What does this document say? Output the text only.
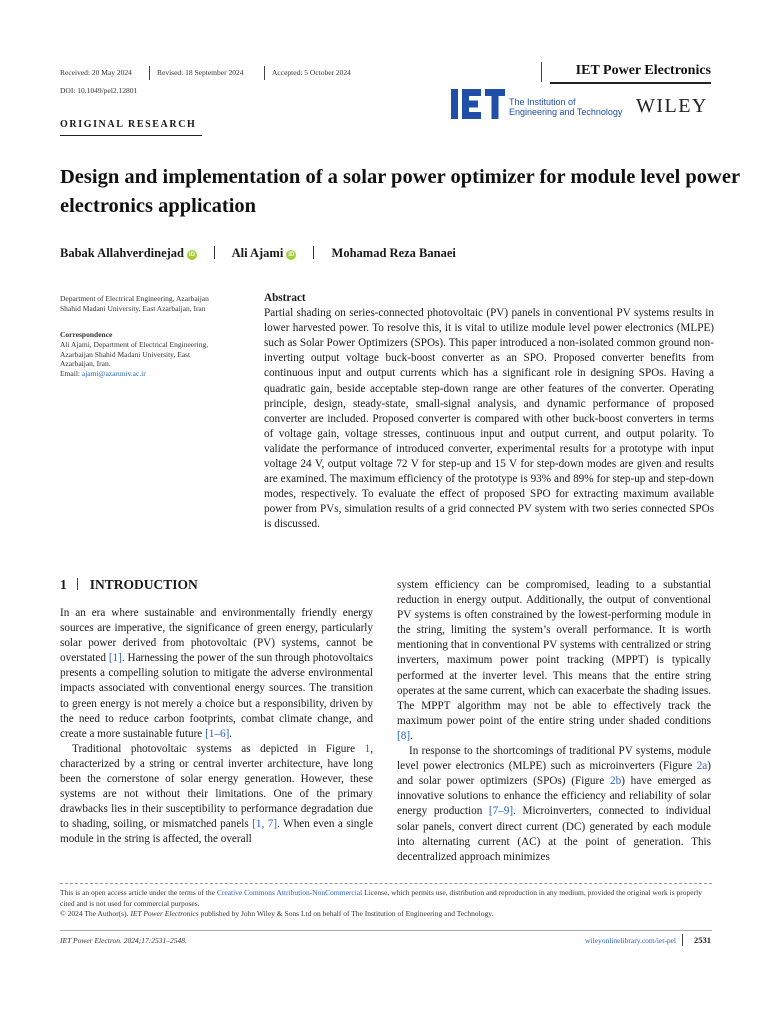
Received: 20 May 2024	Revised: 18 September 2024	Accepted: 5 October 2024	IET Power Electronics
DOI: 10.1049/pel2.12801
The Institution of
Engineering and Technology WILEY
ORIGINAL RESEARCH
Design and implementation of a solar power optimizer for module level power electronics application
Babak Allahverdinejad iD	Ali Ajami iD	Mohamad Reza Banaei
Department of Electrical Engineering, Azarbaijan
Shahid Madani University, East Azarbaijan, Iran
Correspondence
Ali Ajami, Department of Electrical Engineering,
Azarbaijan Shahid Madani University, East
Azarbaijan, Iran.
Email: ajami@azaruniv.ac.ir
Abstract
Partial shading on series-connected photovoltaic (PV) panels in conventional PV systems results in lower harvested power. To resolve this, it is vital to utilize module level power electronics (MLPE) such as Solar Power Optimizers (SPOs). This paper introduced a non-isolated common ground non-inverting output voltage buck-boost converter as an SPO. Proposed converter benefits from continuous input and output currents which has a significant role in designing SPOs. Having a quadratic gain, beside acceptable step-down range are other features of the converter. Operating principle, design, steady-state, small-signal analysis, and dynamic performance of proposed converter are included. Proposed converter is compared with other buck-boost converters in terms of voltage gain, voltage stresses, continuous input and output current, and output polarity. To validate the performance of introduced converter, experimental results for a prototype with input voltage 24 V, output voltage 72 V for step-up and 15 V for step-down modes are given and results are examined. The maximum efficiency of the prototype is 93% and 89% for step-up and step-down modes, respectively. To evaluate the effect of proposed SPO for extracting maximum available power from PVs, simulation results of a grid connected PV system with two series connected SPOs is discussed.
1 INTRODUCTION

In an era where sustainable and environmentally friendly energy sources are imperative, the significance of green energy, particularly solar power derived from photovoltaic (PV) systems, cannot be overstated [1]. Harnessing the power of the sun through photovoltaics presents a compelling solution to mitigate the adverse environmental impacts associated with conventional energy sources. The transition to green energy is not merely a choice but a responsibility, driven by the need to reduce carbon footprints, combat climate change, and create a more sustainable future [1–6].

Traditional photovoltaic systems as depicted in Figure 1, characterized by a string or central inverter architecture, have long been the cornerstone of solar energy generation. However, these systems are not without their limitations. One of the primary drawbacks lies in their susceptibility to performance degradation due to shading, soiling, or mismatched panels [1, 7]. When even a single module in the string is affected, the overall

system efficiency can be compromised, leading to a substantial reduction in energy output. Additionally, the output of conventional PV systems is often constrained by the lowest-performing module in the string, limiting the system’s overall performance. It is worth mentioning that in conventional PV systems with centralized or string inverters, maximum power point tracking (MPPT) is typically performed at the inverter level. This means that the entire string operates at the same current, which can exacerbate the shading issues. The MPPT algorithm may not be able to effectively track the maximum power point of the entire string under shaded conditions [8].

In response to the shortcomings of traditional PV systems, module level power electronics (MLPE) such as microinverters (Figure 2a) and solar power optimizers (SPOs) (Figure 2b) have emerged as innovative solutions to enhance the efficiency and reliability of solar energy production [7–9]. Microinverters, connected to individual solar panels, convert direct current (DC) generated by each module into alternating current (AC) at the point of generation. This decentralized approach minimizes

This is an open access article under the terms of the Creative Commons Attribution-NonCommercial License, which permits use, distribution and reproduction in any medium, provided the original work is properly cited and is not used for commercial purposes.
© 2024 The Author(s). IET Power Electronics published by John Wiley & Sons Ltd on behalf of The Institution of Engineering and Technology.
IET Power Electron. 2024;17:2531–2548.	wileyonlinelibrary.com/iet-pel 2531
